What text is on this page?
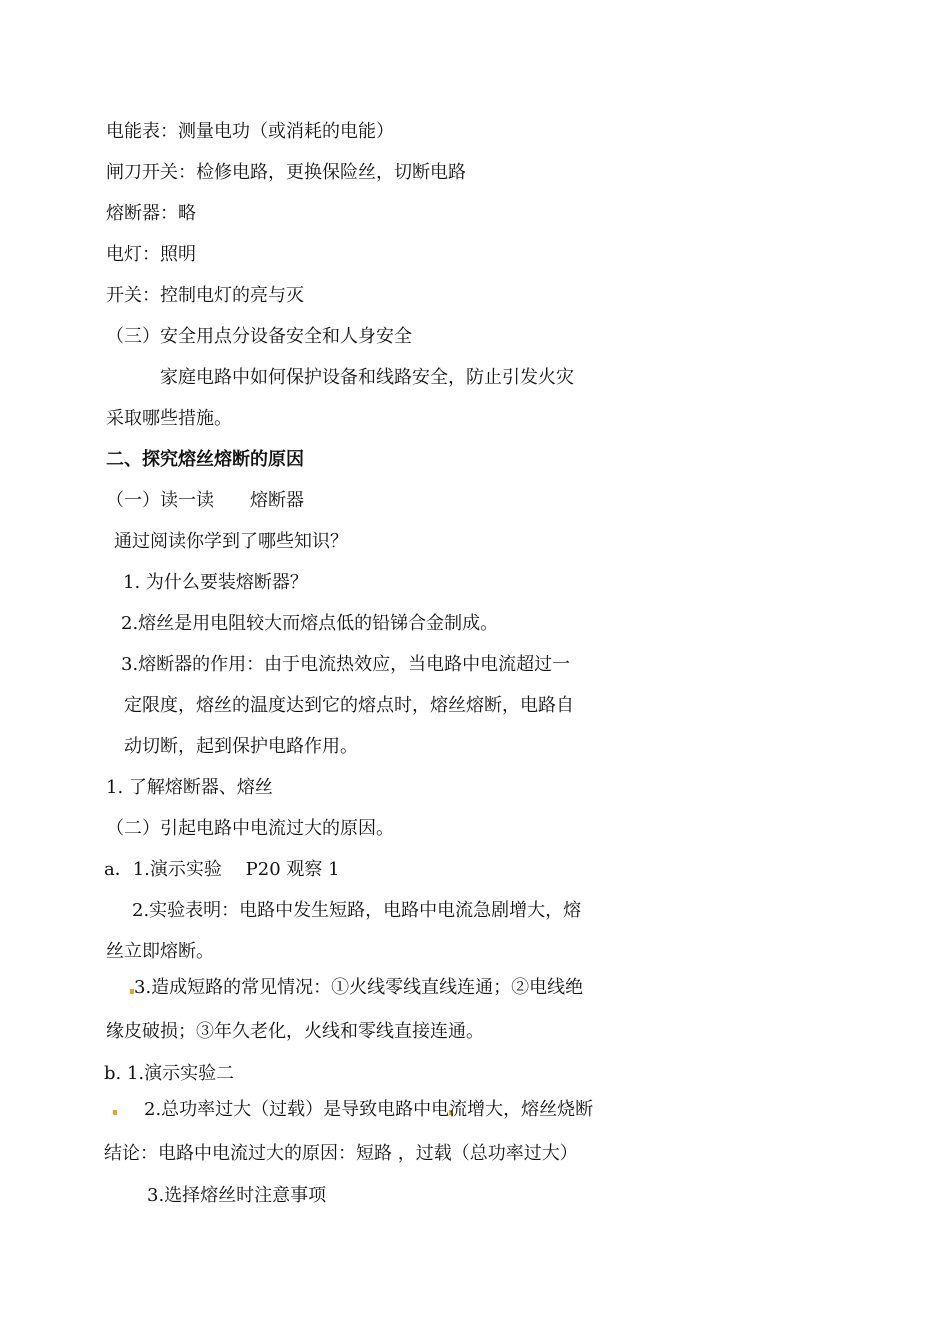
电能表：测量电功（或消耗的电能）
闸刀开关：检修电路，更换保险丝，切断电路
熔断器：略
电灯：照明
开关：控制电灯的亮与灭
（三）安全用点分设备安全和人身安全
家庭电路中如何保护设备和线路安全，防止引发火灾
采取哪些措施。
二、探究熔丝熔断的原因
（一）读一读　　熔断器
通过阅读你学到了哪些知识？
1. 为什么要装熔断器？
2.熔丝是用电阻较大而熔点低的铅锑合金制成。
3.熔断器的作用：由于电流热效应，当电路中电流超过一
定限度，熔丝的温度达到它的熔点时，熔丝熔断，电路自
动切断，起到保护电路作用。
1. 了解熔断器、熔丝
（二）引起电路中电流过大的原因。
a．1.演示实验　 P20 观察 1
2.实验表明：电路中发生短路，电路中电流急剧增大，熔
丝立即熔断。
3.造成短路的常见情况：①火线零线直线连通；②电线绝
缘皮破损；③年久老化，火线和零线直接连通。
b. 1.演示实验二
2.总功率过大（过载）是导致电路中电流增大，熔丝烧断
结论：电路中电流过大的原因：短路 ，过载（总功率过大）
3.选择熔丝时注意事项
